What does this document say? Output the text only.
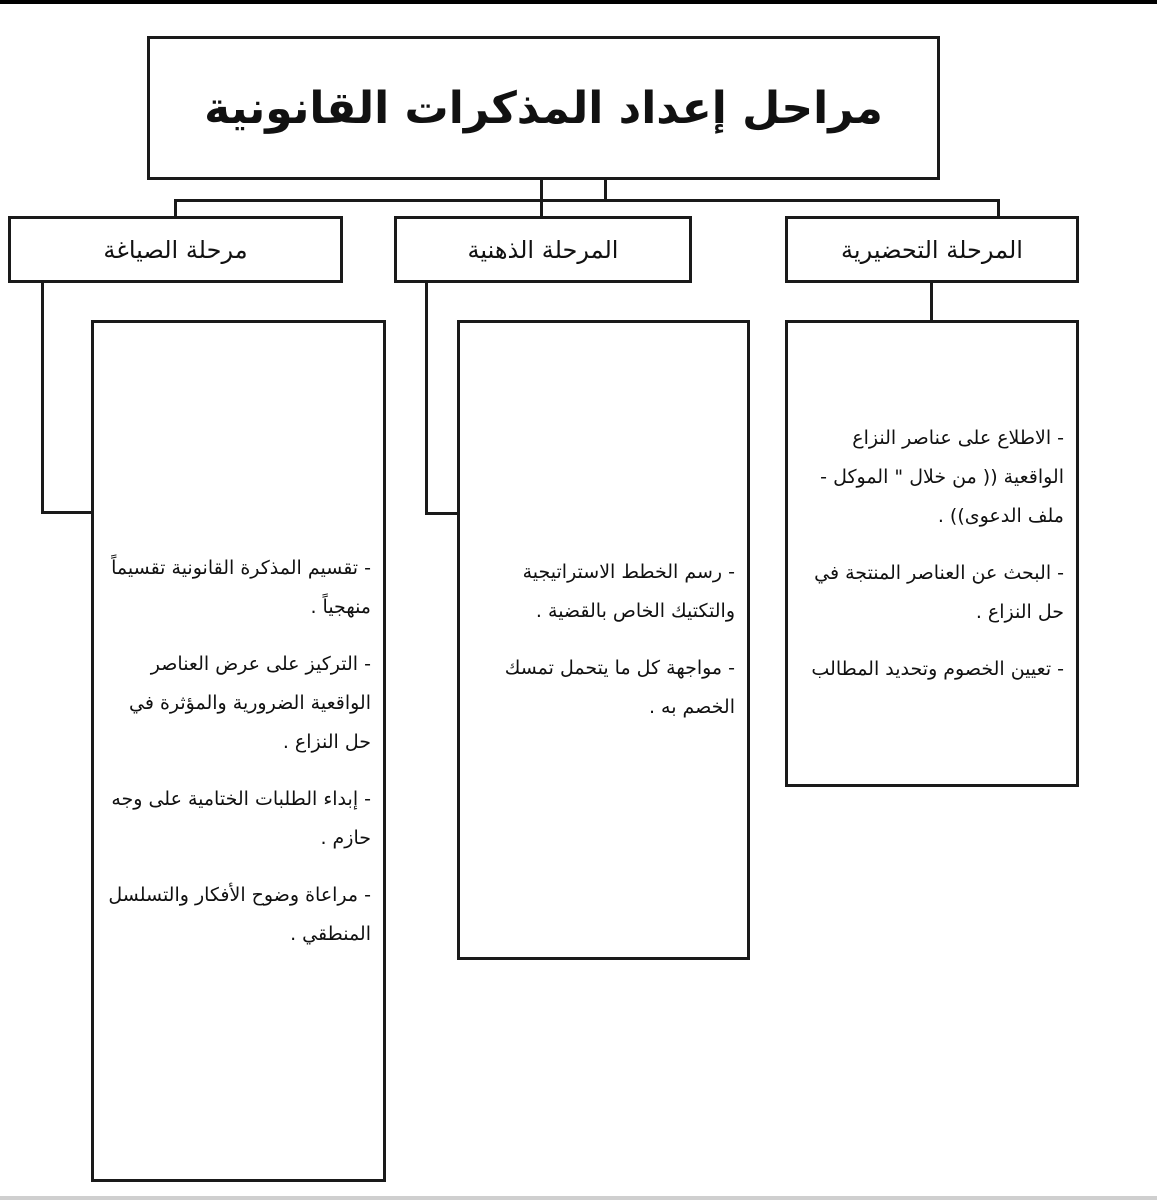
مراحل إعداد المذكرات القانونية
المرحلة التحضيرية
المرحلة الذهنية
مرحلة الصياغة
- الاطلاع على عناصر النزاع الواقعية (( من خلال " الموكل - ملف الدعوى)) .
- البحث عن العناصر المنتجة في حل النزاع .
- تعيين الخصوم وتحديد المطالب
- رسم الخطط الاستراتيجية والتكتيك الخاص بالقضية .
- مواجهة كل ما يتحمل تمسك الخصم به .
- تقسيم المذكرة القانونية تقسيماً منهجياً .
- التركيز على عرض العناصر الواقعية الضرورية والمؤثرة في حل النزاع .
- إبداء الطلبات الختامية على وجه حازم .
- مراعاة وضوح الأفكار والتسلسل المنطقي .
